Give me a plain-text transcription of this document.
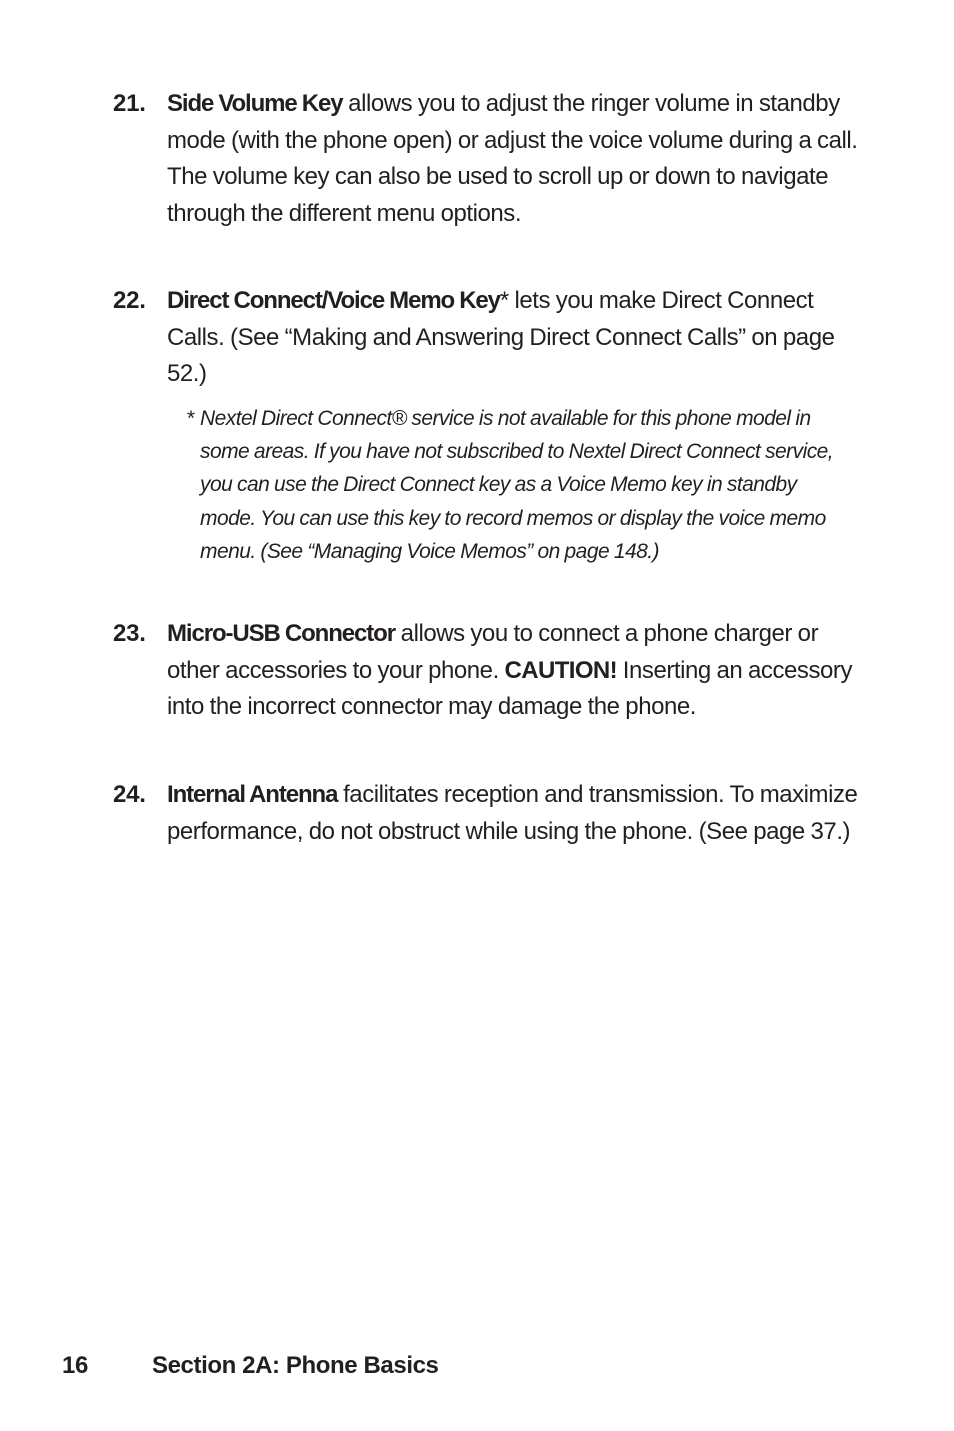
21. Side Volume Key allows you to adjust the ringer volume in standby mode (with the phone open) or adjust the voice volume during a call. The volume key can also be used to scroll up or down to navigate through the different menu options.
22. Direct Connect/Voice Memo Key* lets you make Direct Connect Calls. (See “Making and Answering Direct Connect Calls” on page 52.)
* Nextel Direct Connect® service is not available for this phone model in some areas. If you have not subscribed to Nextel Direct Connect service, you can use the Direct Connect key as a Voice Memo key in standby mode. You can use this key to record memos or display the voice memo menu. (See “Managing Voice Memos” on page 148.)
23. Micro-USB Connector allows you to connect a phone charger or other accessories to your phone. CAUTION! Inserting an accessory into the incorrect connector may damage the phone.
24. Internal Antenna facilitates reception and transmission. To maximize performance, do not obstruct while using the phone. (See page 37.)
16	Section 2A: Phone Basics
